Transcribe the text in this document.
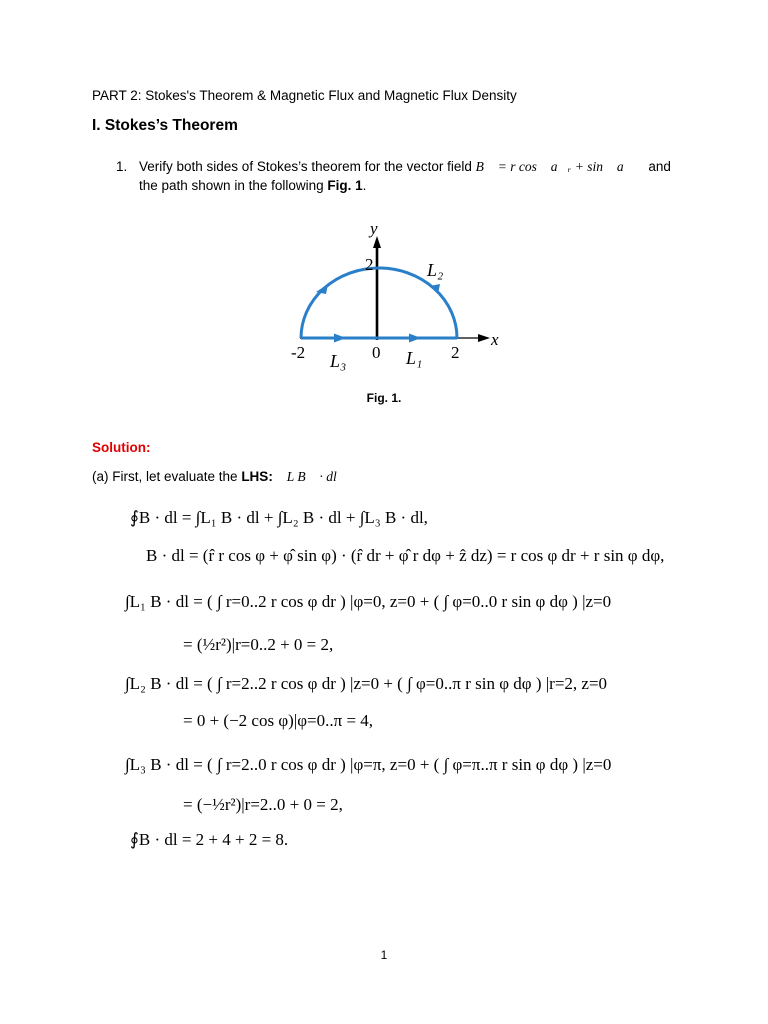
PART 2: Stokes's Theorem & Magnetic Flux and Magnetic Flux Density
I. Stokes’s Theorem
1. Verify both sides of Stokes’s theorem for the vector field B⃗ = r cos ∅a⃗ᵣ + sin ∅a⃗∅ and
the path shown in the following Fig. 1.
y
x
2
-2	0	2
L₃	L₁
L₂
Fig. 1.
Solution:
(a) First, let evaluate the LHS: ∮L B⃗ · dl⃗
∮B · dl = ∫L₁ B · dl + ∫L₂ B · dl + ∫L₃ B · dl,
B · dl = (r̂ r cos φ + φ̂ sin φ) · (r̂ dr + φ̂ r dφ + ẑ dz) = r cos φ dr + r sin φ dφ,
∫L₁ B · dl = ( ∫ r=0..2 r cos φ dr ) |φ=0, z=0 + ( ∫ φ=0..0 r sin φ dφ ) |z=0
= (½r²)|r=0..2 + 0 = 2,
∫L₂ B · dl = ( ∫ r=2..2 r cos φ dr ) |z=0 + ( ∫ φ=0..π r sin φ dφ ) |r=2, z=0
= 0 + (−2 cos φ)|φ=0..π = 4,
∫L₃ B · dl = ( ∫ r=2..0 r cos φ dr ) |φ=π, z=0 + ( ∫ φ=π..π r sin φ dφ ) |z=0
= (−½r²)|r=2..0 + 0 = 2,
∮B · dl = 2 + 4 + 2 = 8.
1
